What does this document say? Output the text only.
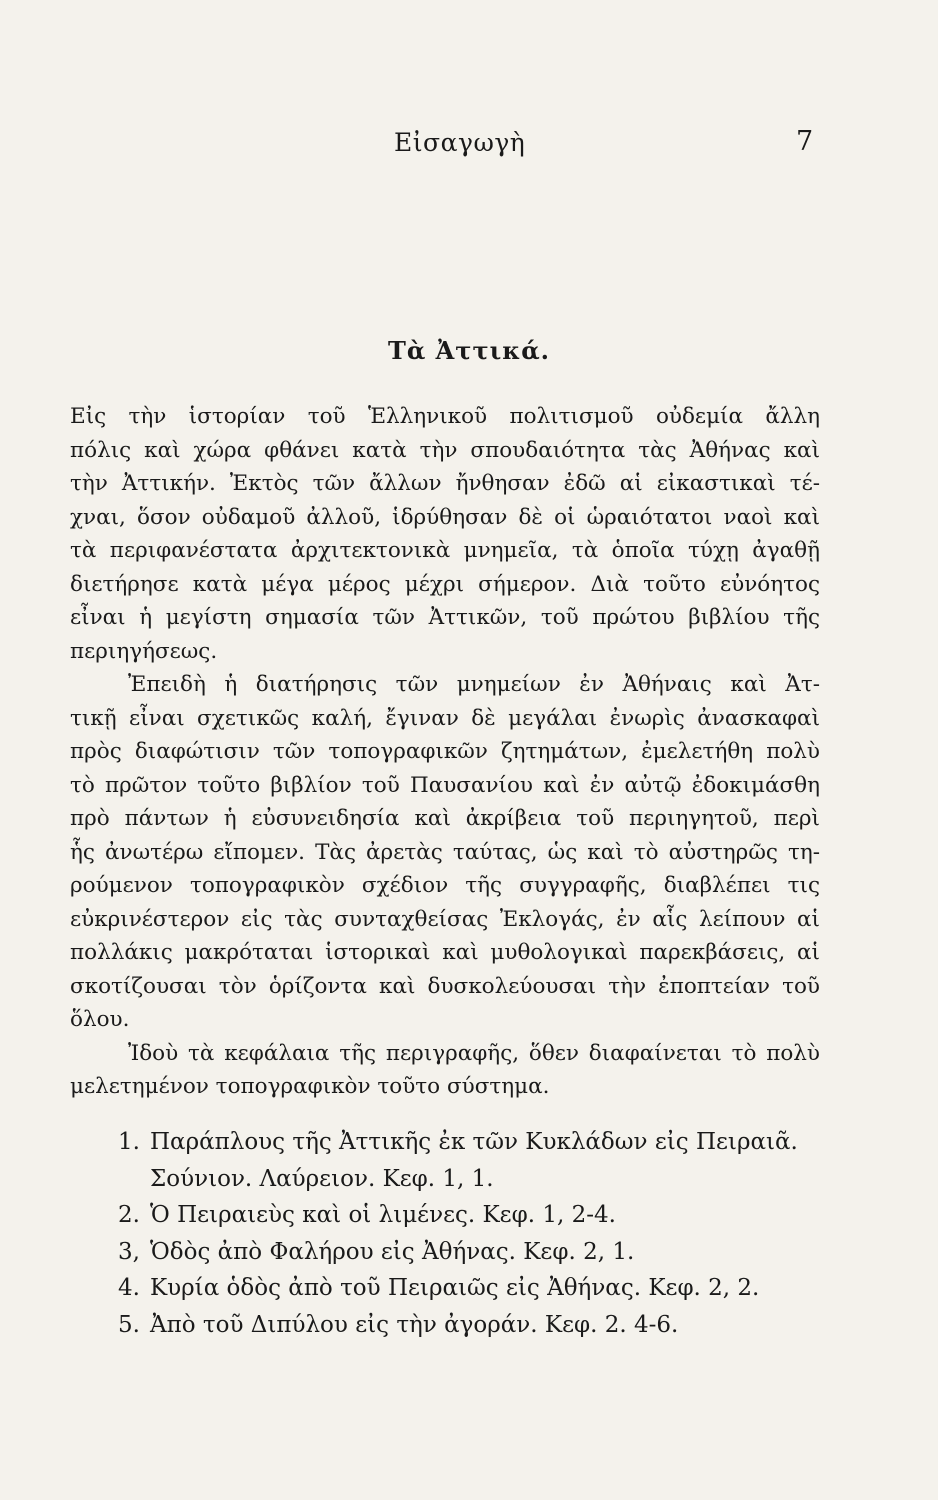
Εἰσαγωγὴ	7
Τὰ Ἀττικά.

Εἰς τὴν ἱστορίαν τοῦ Ἑλληνικοῦ πολιτισμοῦ οὐδεμία ἄλλη
πόλις καὶ χώρα φθάνει κατὰ τὴν σπουδαιότητα τὰς Ἀθήνας καὶ
τὴν Ἀττικήν. Ἐκτὸς τῶν ἄλλων ἤνθησαν ἐδῶ αἱ εἰκαστικαὶ τέ-
χναι, ὅσον οὐδαμοῦ ἀλλοῦ, ἱδρύθησαν δὲ οἱ ὡραιότατοι ναοὶ καὶ
τὰ περιφανέστατα ἀρχιτεκτονικὰ μνημεῖα, τὰ ὁποῖα τύχῃ ἀγαθῇ
διετήρησε κατὰ μέγα μέρος μέχρι σήμερον. Διὰ τοῦτο εὐνόητος
εἶναι ἡ μεγίστη σημασία τῶν Ἀττικῶν, τοῦ πρώτου βιβλίου τῆς
περιηγήσεως.

Ἐπειδὴ ἡ διατήρησις τῶν μνημείων ἐν Ἀθήναις καὶ Ἀτ-
τικῇ εἶναι σχετικῶς καλή, ἔγιναν δὲ μεγάλαι ἐνωρὶς ἀνασκαφαὶ
πρὸς διαφώτισιν τῶν τοπογραφικῶν ζητημάτων, ἐμελετήθη πολὺ
τὸ πρῶτον τοῦτο βιβλίον τοῦ Παυσανίου καὶ ἐν αὐτῷ ἐδοκιμάσθη
πρὸ πάντων ἡ εὐσυνειδησία καὶ ἀκρίβεια τοῦ περιηγητοῦ, περὶ
ἧς ἀνωτέρω εἴπομεν. Τὰς ἀρετὰς ταύτας, ὡς καὶ τὸ αὐστηρῶς τη-
ρούμενον τοπογραφικὸν σχέδιον τῆς συγγραφῆς, διαβλέπει τις
εὐκρινέστερον εἰς τὰς συνταχθείσας Ἐκλογάς, ἐν αἷς λείπουν αἱ
πολλάκις μακρόταται ἱστορικαὶ καὶ μυθολογικαὶ παρεκβάσεις, αἱ
σκοτίζουσαι τὸν ὁρίζοντα καὶ δυσκολεύουσαι τὴν ἐποπτείαν τοῦ
ὅλου.

Ἰδοὺ τὰ κεφάλαια τῆς περιγραφῆς, ὅθεν διαφαίνεται τὸ πολὺ
μελετημένον τοπογραφικὸν τοῦτο σύστημα.

1. Παράπλους τῆς Ἀττικῆς ἐκ τῶν Κυκλάδων εἰς Πειραιᾶ.
Σούνιον. Λαύρειον. Κεφ. 1, 1.
2. Ὁ Πειραιεὺς καὶ οἱ λιμένες. Κεφ. 1, 2-4.
3, Ὁδὸς ἀπὸ Φαλήρου εἰς Ἀθήνας. Κεφ. 2, 1.
4. Κυρία ὁδὸς ἀπὸ τοῦ Πειραιῶς εἰς Ἀθήνας. Κεφ. 2, 2.
5. Ἀπὸ τοῦ Διπύλου εἰς τὴν ἀγοράν. Κεφ. 2. 4-6.
